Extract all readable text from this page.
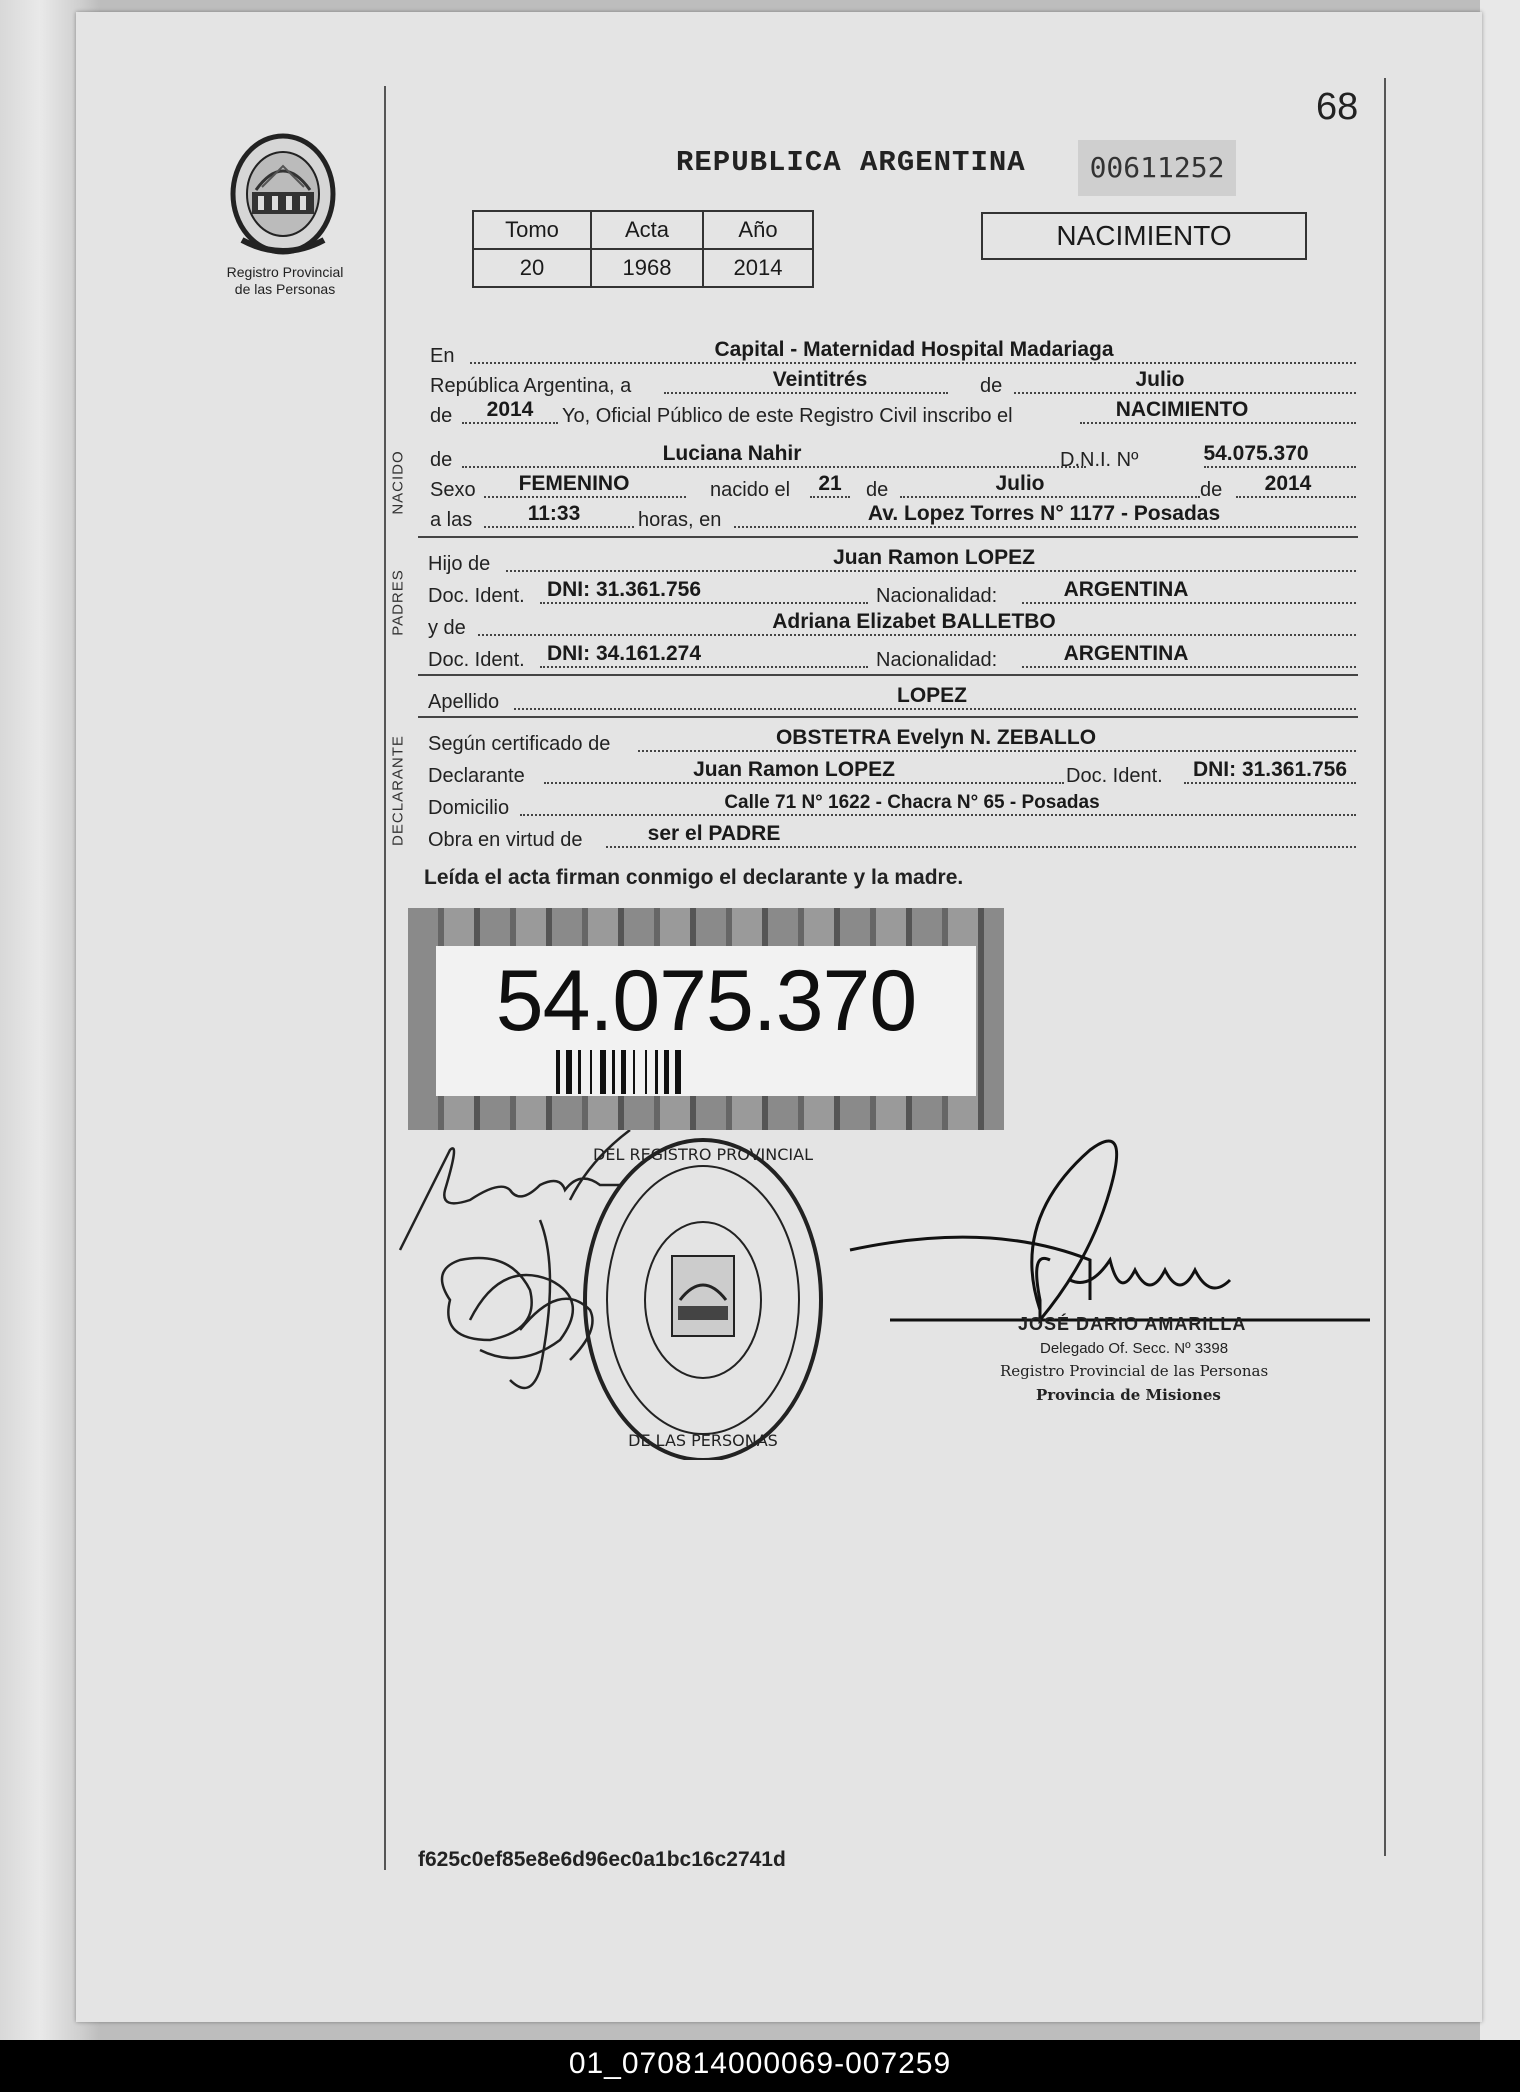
68
Registro Provincial
de las Personas
REPUBLICA ARGENTINA	00611252
Tomo	Acta	Año
20	1968	2014
NACIMIENTO
En	Capital - Maternidad Hospital Madariaga
República Argentina, a	Veintitrés	de	Julio
de 2014 Yo, Oficial Público de este Registro Civil inscribo el	NACIMIENTO
NACIDO de	Luciana Nahir	D.N.I. Nº	54.075.370
Sexo FEMENINO	nacido el 21 de	Julio	de 2014
a las	11:33	horas, en	Av. Lopez Torres N° 1177 - Posadas
PADRES
Hijo de	Juan Ramon LOPEZ
Doc. Ident. DNI: 31.361.756	Nacionalidad:	ARGENTINA
y de	Adriana Elizabet BALLETBO
Doc. Ident. DNI: 34.161.274	Nacionalidad:	ARGENTINA
Apellido	LOPEZ
DECLARANTE Según certificado de	OBSTETRA Evelyn N. ZEBALLO
Declarante	Juan Ramon LOPEZ	Doc. Ident. DNI: 31.361.756
Domicilio	Calle 71 N° 1622 - Chacra N° 65 - Posadas
Obra en virtud de	ser el PADRE
Leída el acta firman conmigo el declarante y la madre.
54.075.370
DEL REGISTRO PROVINCIAL
DE LAS PERSONAS
JOSÉ DARIO AMARILLA
Delegado Of. Secc. Nº 3398
Registro Provincial de las Personas
Provincia de Misiones
f625c0ef85e8e6d96ec0a1bc16c2741d
01_070814000069-007259
